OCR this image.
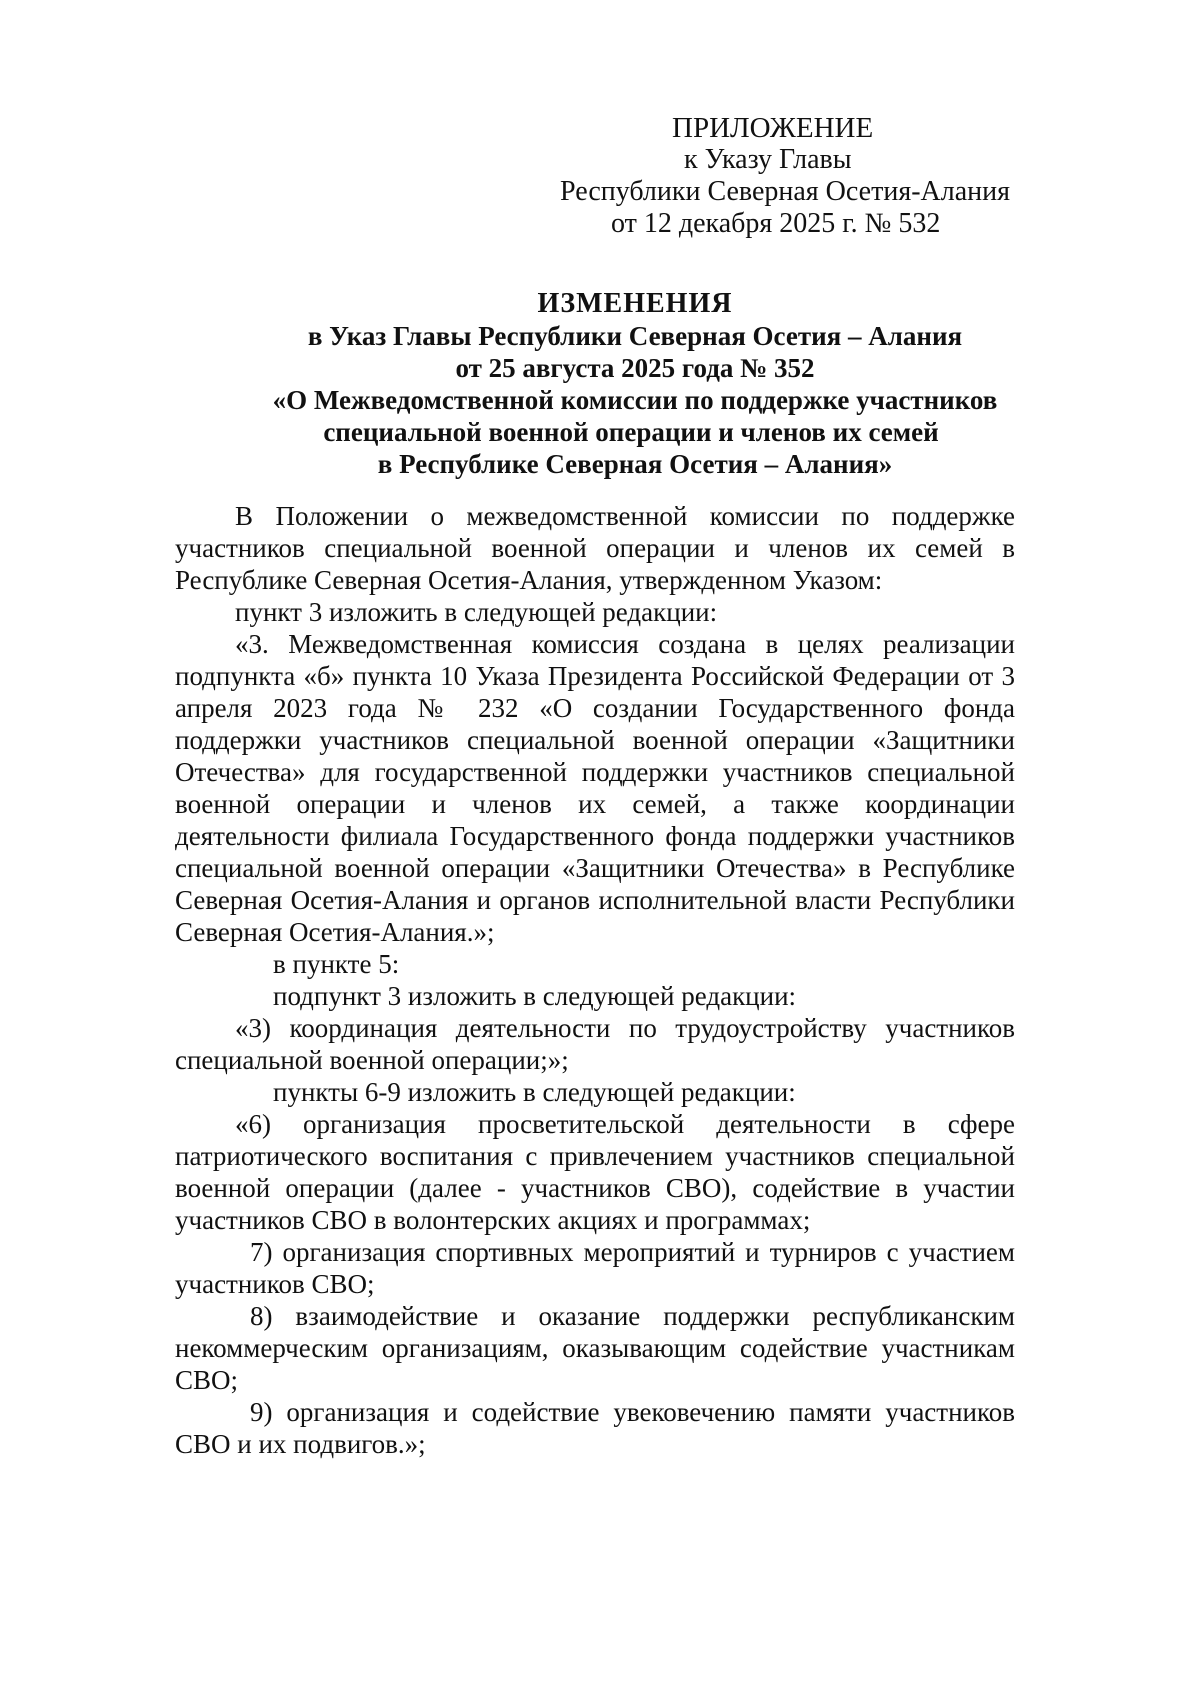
ПРИЛОЖЕНИЕ
к Указу Главы
Республики Северная Осетия-Алания
от 12 декабря 2025 г. № 532
ИЗМЕНЕНИЯ
в Указ Главы Республики Северная Осетия – Алания
от 25 августа 2025 года № 352
«О Межведомственной комиссии по поддержке участников
специальной военной операции и членов их семей
в Республике Северная Осетия – Алания»

В Положении о межведомственной комиссии по поддержке участников специальной военной операции и членов их семей в Республике Северная Осетия-Алания, утвержденном Указом:

пункт 3 изложить в следующей редакции:

«3. Межведомственная комиссия создана в целях реализации подпункта «б» пункта 10 Указа Президента Российской Федерации от 3 апреля 2023 года № 232 «О создании Государственного фонда поддержки участников специальной военной операции «Защитники Отечества» для государственной поддержки участников специальной военной операции и членов их семей, а также координации деятельности филиала Государственного фонда поддержки участников специальной военной операции «Защитники Отечества» в Республике Северная Осетия-Алания и органов исполнительной власти Республики Северная Осетия-Алания.»;

в пункте 5:

подпункт 3 изложить в следующей редакции:

«3) координация деятельности по трудоустройству участников специальной военной операции;»;

пункты 6-9 изложить в следующей редакции:

«6) организация просветительской деятельности в сфере патриотического воспитания с привлечением участников специальной военной операции (далее - участников СВО), содействие в участии участников СВО в волонтерских акциях и программах;

7) организация спортивных мероприятий и турниров с участием участников СВО;

8) взаимодействие и оказание поддержки республиканским некоммерческим организациям, оказывающим содействие участникам СВО;

9) организация и содействие увековечению памяти участников СВО и их подвигов.»;
